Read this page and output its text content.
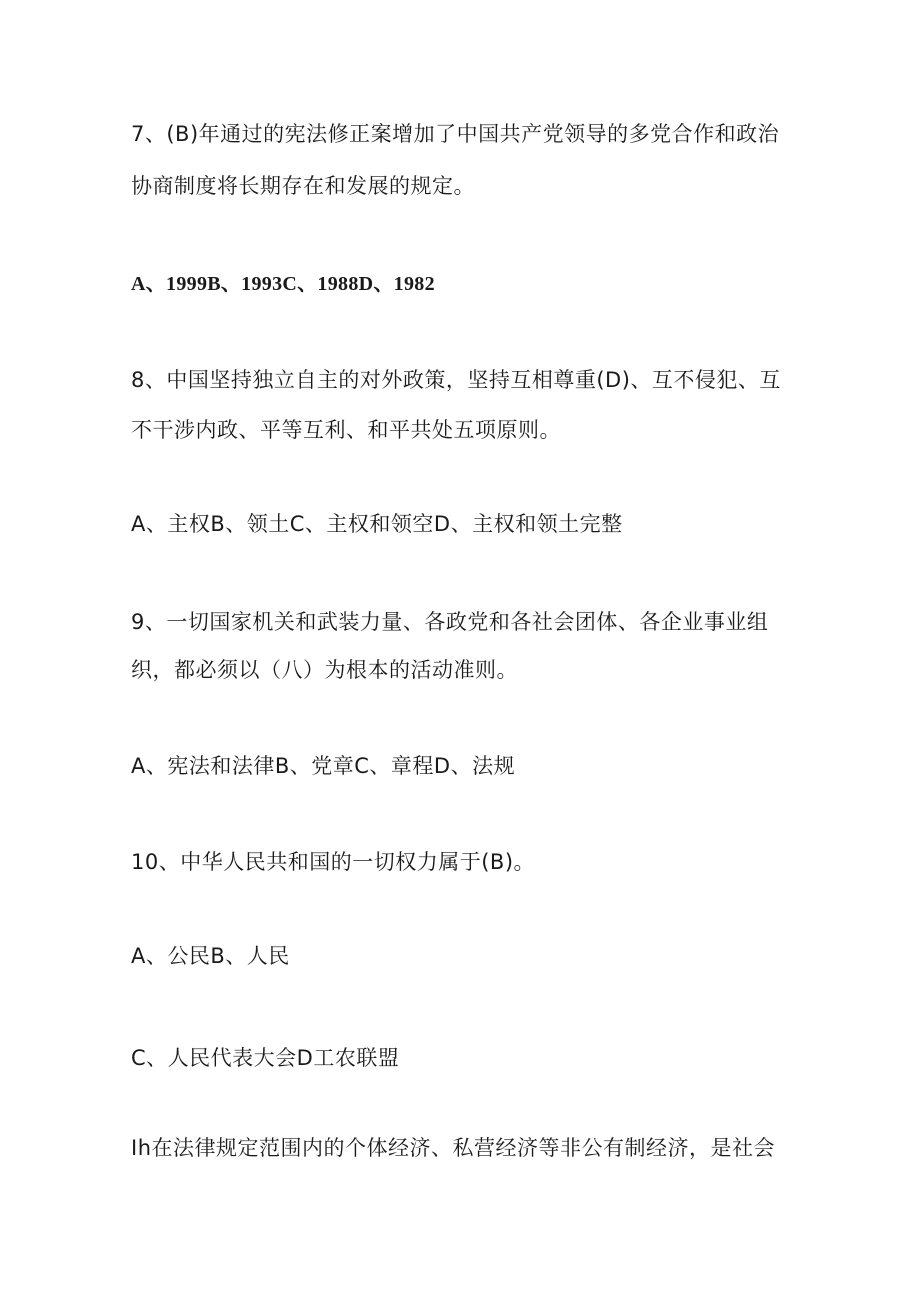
7、(B)年通过的宪法修正案增加了中国共产党领导的多党合作和政治
协商制度将长期存在和发展的规定。
A、1999B、1993C、1988D、1982
8、中国坚持独立自主的对外政策，坚持互相尊重(D)、互不侵犯、互
不干涉内政、平等互利、和平共处五项原则。
A、主权B、领土C、主权和领空D、主权和领土完整
9、一切国家机关和武装力量、各政党和各社会团体、各企业事业组
织，都必须以（八）为根本的活动准则。
A、宪法和法律B、党章C、章程D、法规
10、中华人民共和国的一切权力属于(B)。
A、公民B、人民
C、人民代表大会D工农联盟
Ih在法律规定范围内的个体经济、私营经济等非公有制经济，是社会
